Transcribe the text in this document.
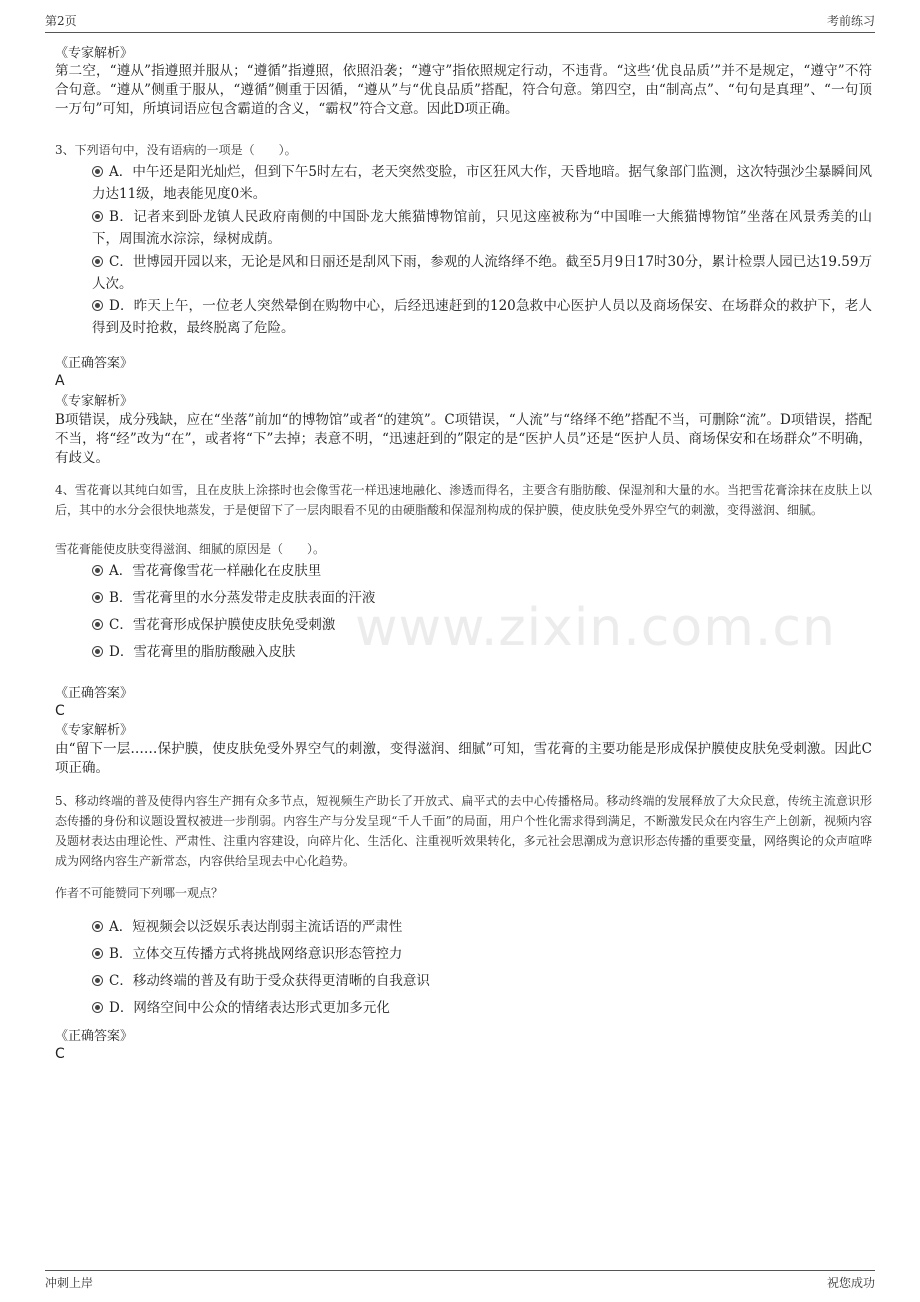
第2页	考前练习
www.zixin.com.cn
《专家解析》
第二空，“遵从”指遵照并服从；“遵循”指遵照，依照沿袭；“遵守”指依照规定行动，不违背。“这些‘优良品质’”并不是规定，“遵守”不符合句意。“遵从”侧重于服从，“遵循”侧重于因循，“遵从”与“优良品质”搭配，符合句意。第四空，由“制高点”、“句句是真理”、“一句顶一万句”可知，所填词语应包含霸道的含义，“霸权”符合文意。因此D项正确。
3、下列语句中，没有语病的一项是（　　）。
A．中午还是阳光灿烂，但到下午5时左右，老天突然变脸，市区狂风大作，天昏地暗。据气象部门监测，这次特强沙尘暴瞬间风力达11级，地表能见度0米。
B．记者来到卧龙镇人民政府南侧的中国卧龙大熊猫博物馆前，只见这座被称为“中国唯一大熊猫博物馆”坐落在风景秀美的山下，周围流水淙淙，绿树成荫。
C．世博园开园以来，无论是风和日丽还是刮风下雨，参观的人流络绎不绝。截至5月9日17时30分，累计检票人园已达19.59万人次。
D．昨天上午，一位老人突然晕倒在购物中心，后经迅速赶到的120急救中心医护人员以及商场保安、在场群众的救护下，老人得到及时抢救，最终脱离了危险。
《正确答案》
A
《专家解析》
B项错误，成分残缺，应在“坐落”前加“的博物馆”或者“的建筑”。C项错误，“人流”与“络绎不绝”搭配不当，可删除“流”。D项错误，搭配不当，将“经”改为“在”，或者将“下”去掉；表意不明，“迅速赶到的”限定的是“医护人员”还是“医护人员、商场保安和在场群众”不明确，有歧义。
4、雪花膏以其纯白如雪，且在皮肤上涂搽时也会像雪花一样迅速地融化、渗透而得名，主要含有脂肪酸、保湿剂和大量的水。当把雪花膏涂抹在皮肤上以后，其中的水分会很快地蒸发，于是便留下了一层肉眼看不见的由硬脂酸和保湿剂构成的保护膜，使皮肤免受外界空气的刺激，变得滋润、细腻。
雪花膏能使皮肤变得滋润、细腻的原因是（　　）。
A．雪花膏像雪花一样融化在皮肤里
B．雪花膏里的水分蒸发带走皮肤表面的汗液
C．雪花膏形成保护膜使皮肤免受刺激
D．雪花膏里的脂肪酸融入皮肤
《正确答案》
C
《专家解析》
由“留下一层……保护膜，使皮肤免受外界空气的刺激，变得滋润、细腻”可知，雪花膏的主要功能是形成保护膜使皮肤免受刺激。因此C项正确。
5、移动终端的普及使得内容生产拥有众多节点，短视频生产助长了开放式、扁平式的去中心传播格局。移动终端的发展释放了大众民意，传统主流意识形态传播的身份和议题设置权被进一步削弱。内容生产与分发呈现“千人千面”的局面，用户个性化需求得到满足，不断激发民众在内容生产上创新，视频内容及题材表达由理论性、严肃性、注重内容建设，向碎片化、生活化、注重视听效果转化，多元社会思潮成为意识形态传播的重要变量，网络舆论的众声喧哗成为网络内容生产新常态，内容供给呈现去中心化趋势。
作者不可能赞同下列哪一观点？
A．短视频会以泛娱乐表达削弱主流话语的严肃性
B．立体交互传播方式将挑战网络意识形态管控力
C．移动终端的普及有助于受众获得更清晰的自我意识
D．网络空间中公众的情绪表达形式更加多元化
《正确答案》
C
冲刺上岸	祝您成功
